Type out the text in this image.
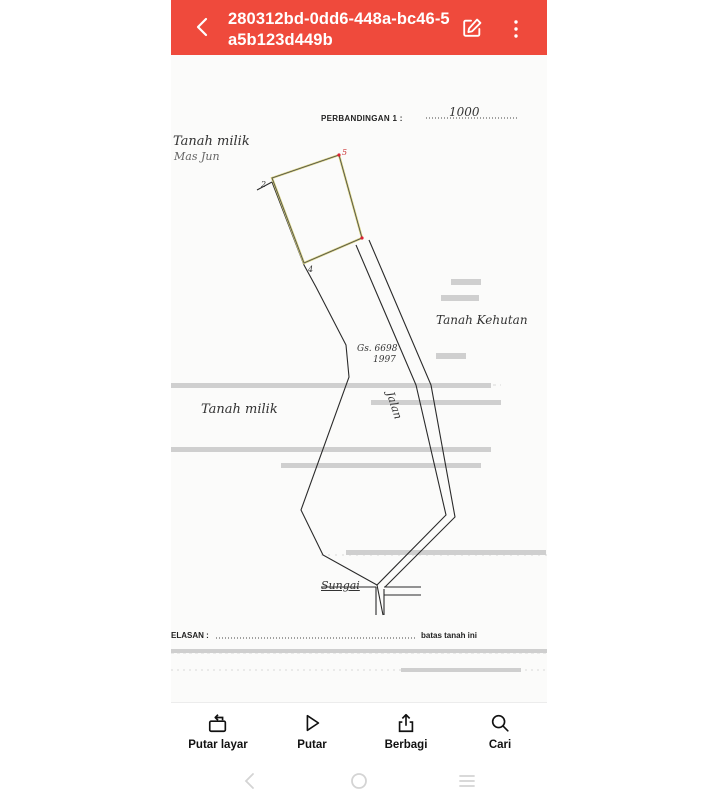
280312bd-0dd6-448a-bc46-5a5b123d449b
PERBANDINGAN 1 :	1000
Tanah milik
Mas Jun
Tanah Kehutan
Tanah milik
Gs. 6698
1997
Jalan
Sungai
2
4
5
ELASAN :	batas tanah ini
Putar layar	Putar	Berbagi	Cari
